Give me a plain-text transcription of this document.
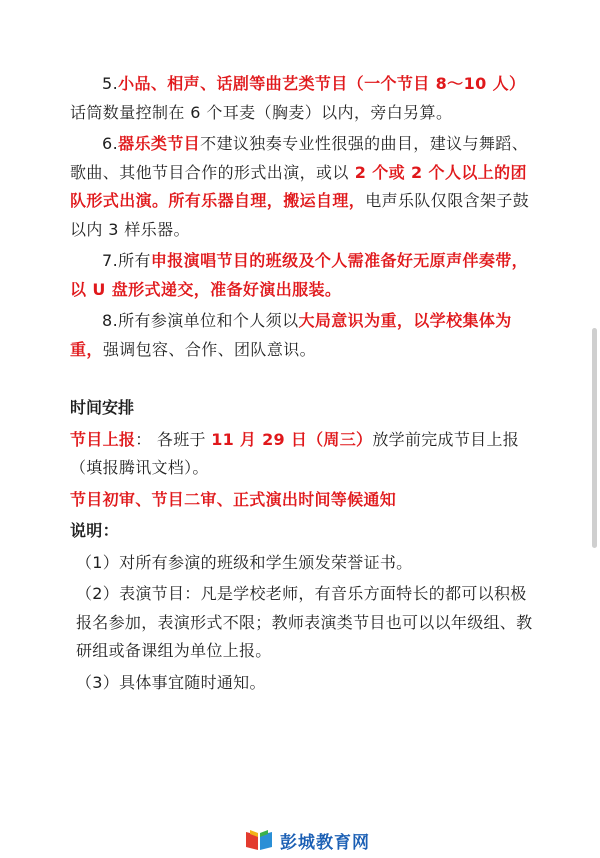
5.小品、相声、话剧等曲艺类节目（一个节目 8～10 人）话筒数量控制在 6 个耳麦（胸麦）以内，旁白另算。

6.器乐类节目不建议独奏专业性很强的曲目，建议与舞蹈、歌曲、其他节目合作的形式出演，或以 2 个或 2 个人以上的团队形式出演。所有乐器自理，搬运自理，电声乐队仅限含架子鼓以内 3 样乐器。

7.所有申报演唱节目的班级及个人需准备好无原声伴奏带，以 U 盘形式递交，准备好演出服装。

8.所有参演单位和个人须以大局意识为重，以学校集体为重，强调包容、合作、团队意识。

时间安排
节目上报： 各班于 11 月 29 日（周三）放学前完成节目上报（填报腾讯文档）。
节目初审、节目二审、正式演出时间等候通知
说明：
（1）对所有参演的班级和学生颁发荣誉证书。
（2）表演节目：凡是学校老师，有音乐方面特长的都可以积极报名参加，表演形式不限；教师表演类节目也可以以年级组、教研组或备课组为单位上报。
（3）具体事宜随时通知。
彭城教育网
